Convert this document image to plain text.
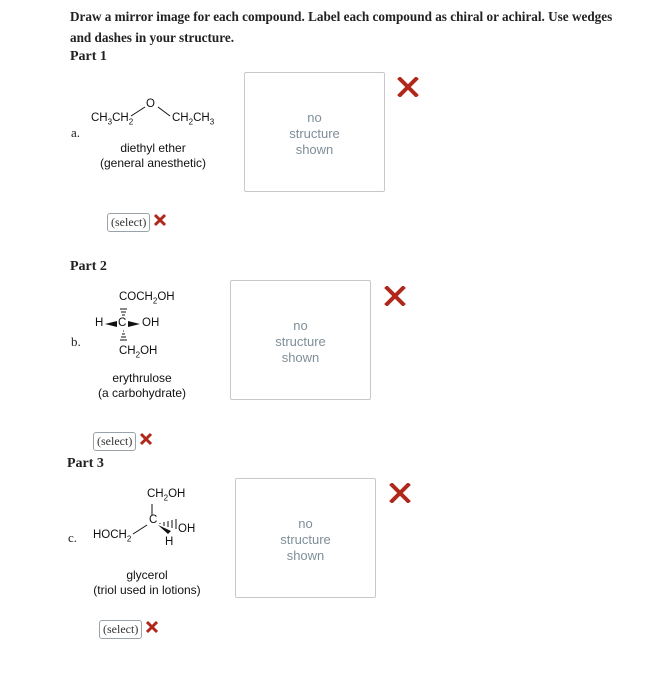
Draw a mirror image for each compound. Label each compound as chiral or achiral. Use wedges and dashes in your structure.
Part 1
a.
$CH_3CH_2$
O
$CH_2CH_3$
diethyl ether
(general anesthetic)
no
structure
shown
(select)
Part 2
b.
$COCH_2OH$
H C OH
$CH_2OH$
erythrulose
(a carbohydrate)
no
structure
shown
(select)
Part 3
c.
$CH_2OH$
C
OH
H
$HOCH_2$
glycerol
(triol used in lotions)
no
structure
shown
(select)
